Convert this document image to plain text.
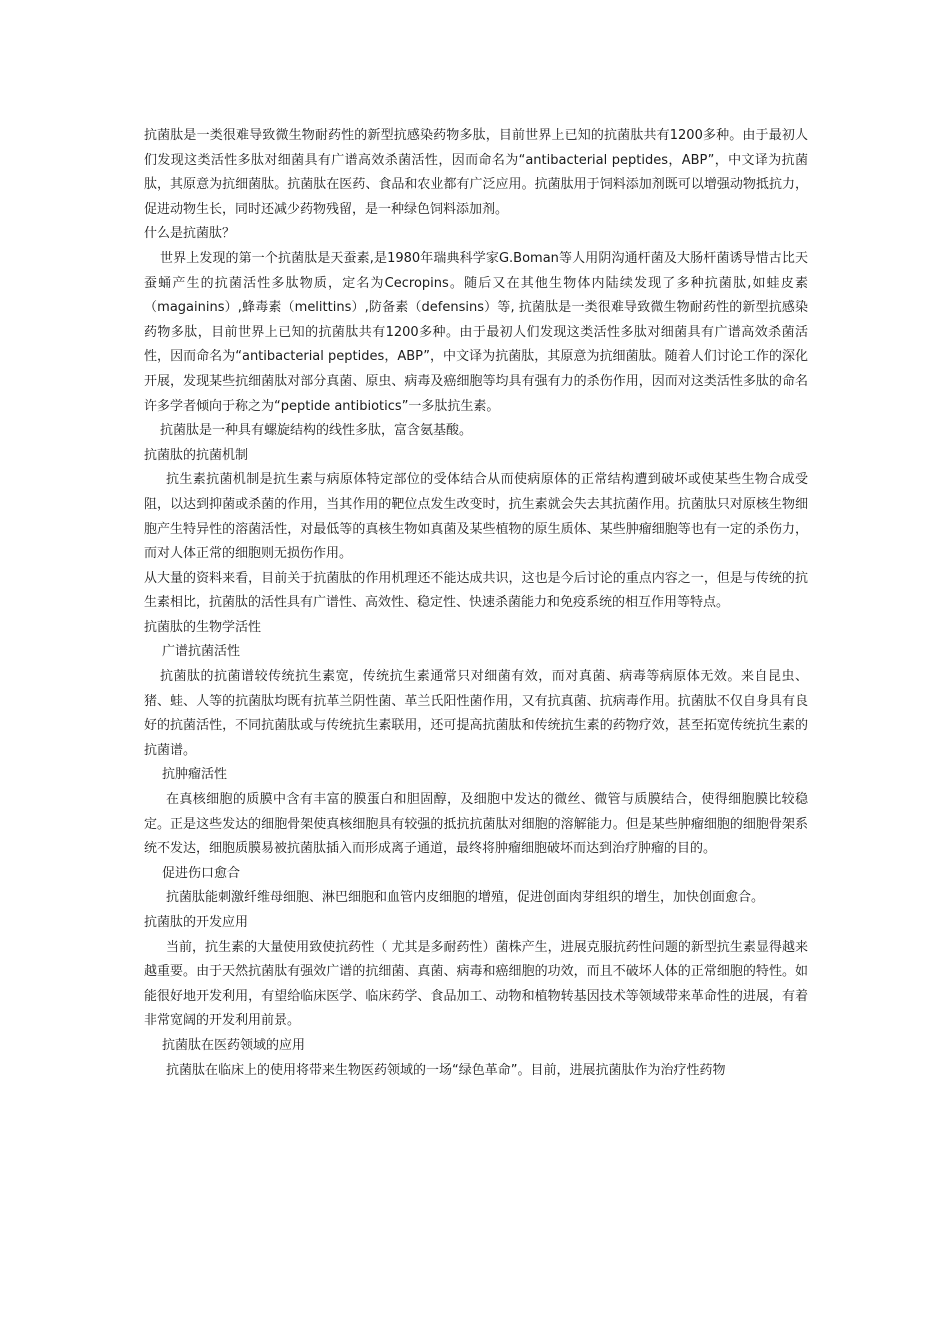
抗菌肽是一类很难导致微生物耐药性的新型抗感染药物多肽，目前世界上已知的抗菌肽共有1200多种。由于最初人们发现这类活性多肽对细菌具有广谱高效杀菌活性，因而命名为“antibacterial peptides，ABP”，中文译为抗菌肽，其原意为抗细菌肽。抗菌肽在医药、食品和农业都有广泛应用。抗菌肽用于饲料添加剂既可以增强动物抵抗力，促进动物生长，同时还减少药物残留，是一种绿色饲料添加剂。

什么是抗菌肽？

世界上发现的第一个抗菌肽是天蚕素,是1980年瑞典科学家G.Boman等人用阴沟通杆菌及大肠杆菌诱导惜古比天蚕蛹产生的抗菌活性多肽物质，定名为Cecropins。随后又在其他生物体内陆续发现了多种抗菌肽,如蛙皮素（magainins）,蜂毒素（melittins）,防备素（defensins）等, 抗菌肽是一类很难导致微生物耐药性的新型抗感染药物多肽，目前世界上已知的抗菌肽共有1200多种。由于最初人们发现这类活性多肽对细菌具有广谱高效杀菌活性，因而命名为“antibacterial peptides，ABP”，中文译为抗菌肽，其原意为抗细菌肽。随着人们讨论工作的深化开展，发现某些抗细菌肽对部分真菌、原虫、病毒及癌细胞等均具有强有力的杀伤作用，因而对这类活性多肽的命名许多学者倾向于称之为“peptide antibiotics”一多肽抗生素。

抗菌肽是一种具有螺旋结构的线性多肽，富含氨基酸。

抗菌肽的抗菌机制

抗生素抗菌机制是抗生素与病原体特定部位的受体结合从而使病原体的正常结构遭到破坏或使某些生物合成受阻，以达到抑菌或杀菌的作用，当其作用的靶位点发生改变时，抗生素就会失去其抗菌作用。抗菌肽只对原核生物细胞产生特异性的溶菌活性，对最低等的真核生物如真菌及某些植物的原生质体、某些肿瘤细胞等也有一定的杀伤力，而对人体正常的细胞则无损伤作用。

从大量的资料来看，目前关于抗菌肽的作用机理还不能达成共识，这也是今后讨论的重点内容之一，但是与传统的抗生素相比，抗菌肽的活性具有广谱性、高效性、稳定性、快速杀菌能力和免疫系统的相互作用等特点。

抗菌肽的生物学活性

广谱抗菌活性

抗菌肽的抗菌谱较传统抗生素宽，传统抗生素通常只对细菌有效，而对真菌、病毒等病原体无效。来自昆虫、猪、蛙、人等的抗菌肽均既有抗革兰阴性菌、革兰氏阳性菌作用，又有抗真菌、抗病毒作用。抗菌肽不仅自身具有良好的抗菌活性，不同抗菌肽或与传统抗生素联用，还可提高抗菌肽和传统抗生素的药物疗效，甚至拓宽传统抗生素的抗菌谱。

抗肿瘤活性

在真核细胞的质膜中含有丰富的膜蛋白和胆固醇，及细胞中发达的微丝、微管与质膜结合，使得细胞膜比较稳定。正是这些发达的细胞骨架使真核细胞具有较强的抵抗抗菌肽对细胞的溶解能力。但是某些肿瘤细胞的细胞骨架系统不发达，细胞质膜易被抗菌肽插入而形成离子通道，最终将肿瘤细胞破坏而达到治疗肿瘤的目的。

促进伤口愈合

抗菌肽能刺激纤维母细胞、淋巴细胞和血管内皮细胞的增殖，促进创面肉芽组织的增生，加快创面愈合。

抗菌肽的开发应用

当前，抗生素的大量使用致使抗药性（ 尤其是多耐药性）菌株产生，进展克服抗药性问题的新型抗生素显得越来越重要。由于天然抗菌肽有强效广谱的抗细菌、真菌、病毒和癌细胞的功效，而且不破坏人体的正常细胞的特性。如能很好地开发利用，有望给临床医学、临床药学、食品加工、动物和植物转基因技术等领域带来革命性的进展，有着非常宽阔的开发利用前景。

抗菌肽在医药领域的应用

抗菌肽在临床上的使用将带来生物医药领域的一场“绿色革命”。目前，进展抗菌肽作为治疗性药物
